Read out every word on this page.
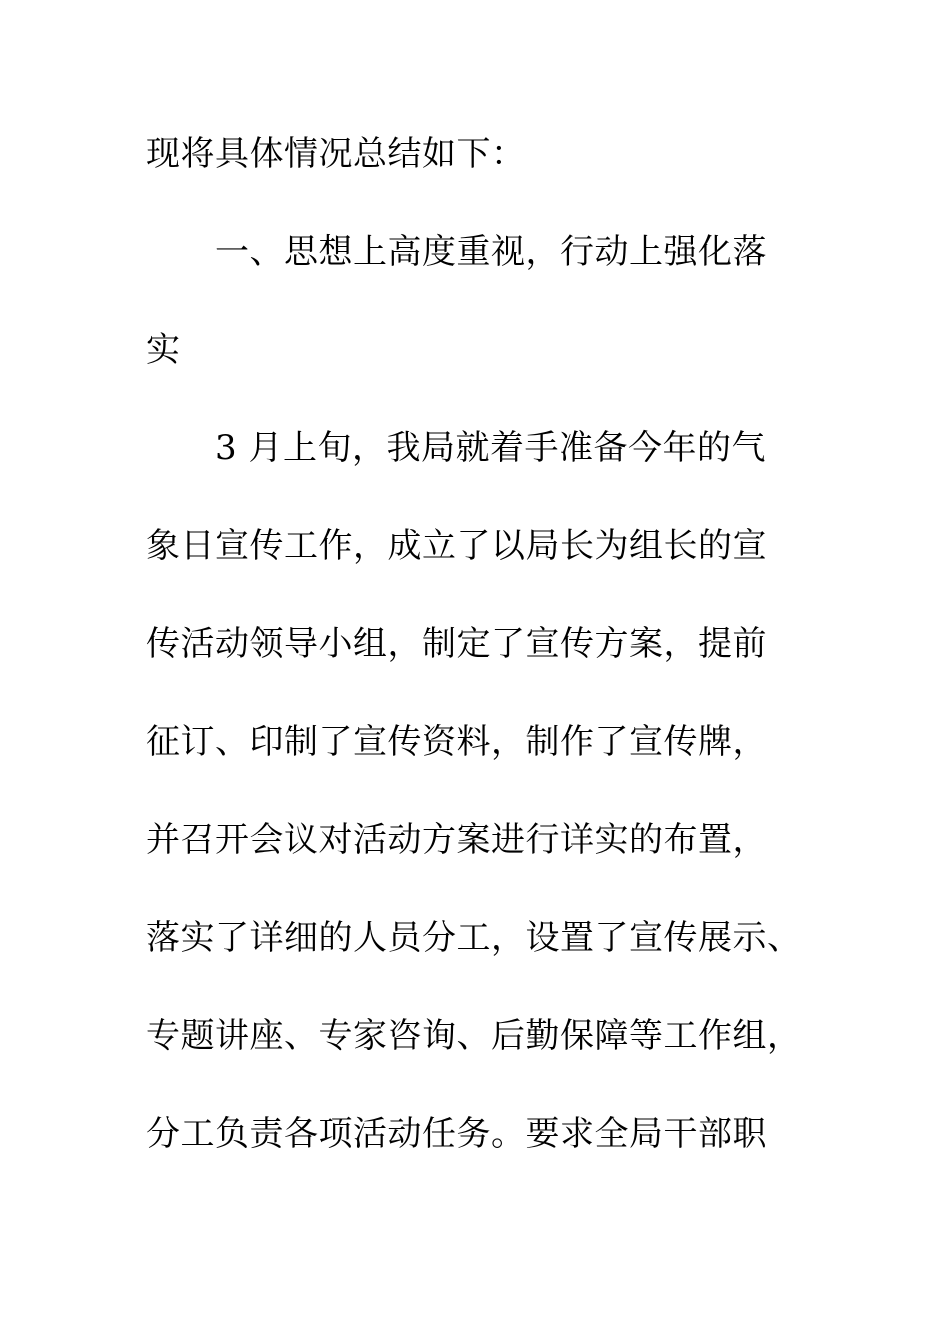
现将具体情况总结如下：
一、思想上高度重视，行动上强化落
实
3 月上旬，我局就着手准备今年的气
象日宣传工作，成立了以局长为组长的宣
传活动领导小组，制定了宣传方案，提前
征订、印制了宣传资料，制作了宣传牌，
并召开会议对活动方案进行详实的布置，
落实了详细的人员分工，设置了宣传展示、
专题讲座、专家咨询、后勤保障等工作组，
分工负责各项活动任务。要求全局干部职
